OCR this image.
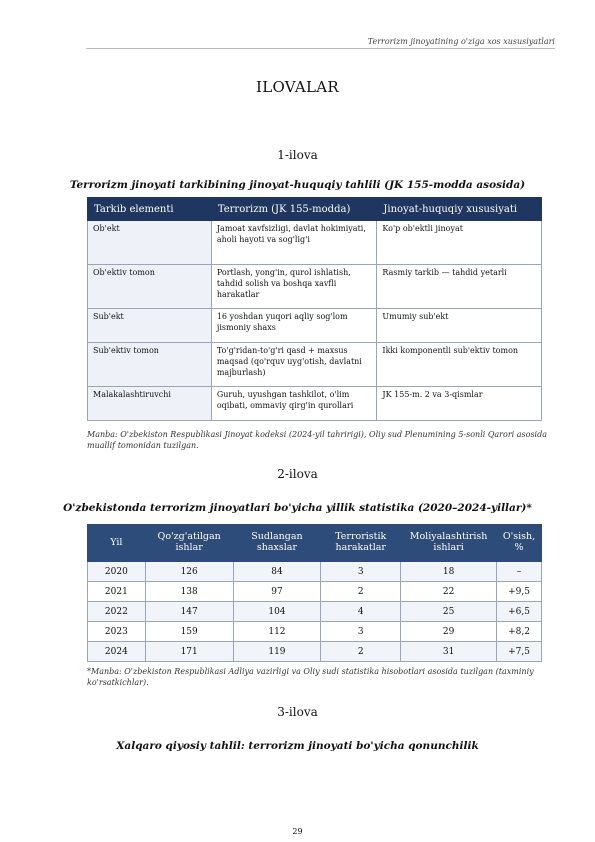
Terrorizm jinoyatining o'ziga xos xususiyatlari
ILOVALAR
1-ilova
Terrorizm jinoyati tarkibining jinoyat-huquqiy tahlili (JK 155-modda asosida)
Tarkib elementi	Terrorizm (JK 155-modda)	Jinoyat-huquqiy xususiyati
Ob'ekt	Jamoat xavfsizligi, davlat hokimiyati, aholi hayoti va sog'lig'i	Ko'p ob'ektli jinoyat
Ob'ektiv tomon	Portlash, yong'in, qurol ishlatish, tahdid solish va boshqa xavfli harakatlar	Rasmiy tarkib — tahdid yetarli
Sub'ekt	16 yoshdan yuqori aqliy sog'lom jismoniy shaxs	Umumiy sub'ekt
Sub'ektiv tomon	To'g'ridan-to'g'ri qasd + maxsus maqsad (qo'rquv uyg'otish, davlatni majburlash)	Ikki komponentli sub'ektiv tomon
Malakalashtiruvchi	Guruh, uyushgan tashkilot, o'lim oqibati, ommaviy qirg'in qurollari	JK 155-m. 2 va 3-qismlar
Manba: O'zbekiston Respublikasi Jinoyat kodeksi (2024-yil tahririgi), Oliy sud Plenumining 5-sonli Qarori asosida muallif tomonidan tuzilgan.
2-ilova
O'zbekistonda terrorizm jinoyatlari bo'yicha yillik statistika (2020–2024-yillar)*
Yil	Qo'zg'atilgan ishlar	Sudlangan shaxslar	Terroristik harakatlar	Moliyalashtirish ishlari	O'sish, %
2020	126	84	3	18	–
2021	138	97	2	22	+9,5
2022	147	104	4	25	+6,5
2023	159	112	3	29	+8,2
2024	171	119	2	31	+7,5
*Manba: O'zbekiston Respublikasi Adliya vazirligi va Oliy sudi statistika hisobotlari asosida tuzilgan (taxminiy ko'rsatkichlar).
3-ilova
Xalqaro qiyosiy tahlil: terrorizm jinoyati bo'yicha qonunchilik
29
